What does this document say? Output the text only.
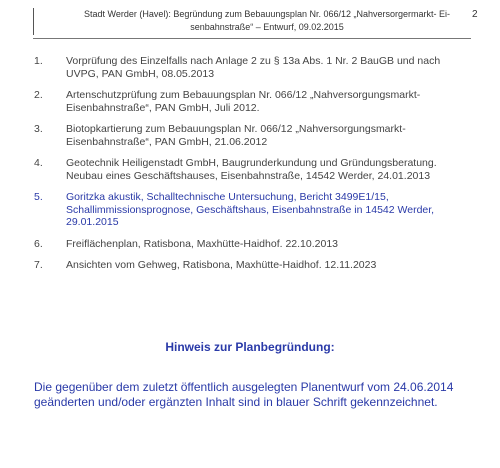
Stadt Werder (Havel): Begründung zum Bebauungsplan Nr. 066/12 „Nahversorgermarkt- Ei-
senbahnstraße“ – Entwurf, 09.02.2015
2
1.	Vorprüfung des Einzelfalls nach Anlage 2 zu § 13a Abs. 1 Nr. 2 BauGB und nach UVPG, PAN GmbH, 08.05.2013
2.	Artenschutzprüfung zum Bebauungsplan Nr. 066/12 „Nahversorgungsmarkt- Eisenbahnstraße“, PAN GmbH, Juli 2012.
3.	Biotopkartierung zum Bebauungsplan Nr. 066/12 „Nahversorgungsmarkt-Eisenbahnstraße“, PAN GmbH, 21.06.2012
4.	Geotechnik Heiligenstadt GmbH, Baugrunderkundung und Gründungsberatung. Neubau eines Geschäftshauses, Eisenbahnstraße, 14542 Werder, 24.01.2013
5.	Goritzka akustik, Schalltechnische Untersuchung, Bericht 3499E1/15, Schallimmissionsprognose, Geschäftshaus, Eisenbahnstraße in 14542 Werder, 29.01.2015
6.	Freiflächenplan, Ratisbona, Maxhütte-Haidhof. 22.10.2013
7.	Ansichten vom Gehweg, Ratisbona, Maxhütte-Haidhof. 12.11.2023
Hinweis zur Planbegründung:
Die gegenüber dem zuletzt öffentlich ausgelegten Planentwurf vom 24.06.2014 geänderten und/oder ergänzten Inhalt sind in blauer Schrift gekennzeichnet.
